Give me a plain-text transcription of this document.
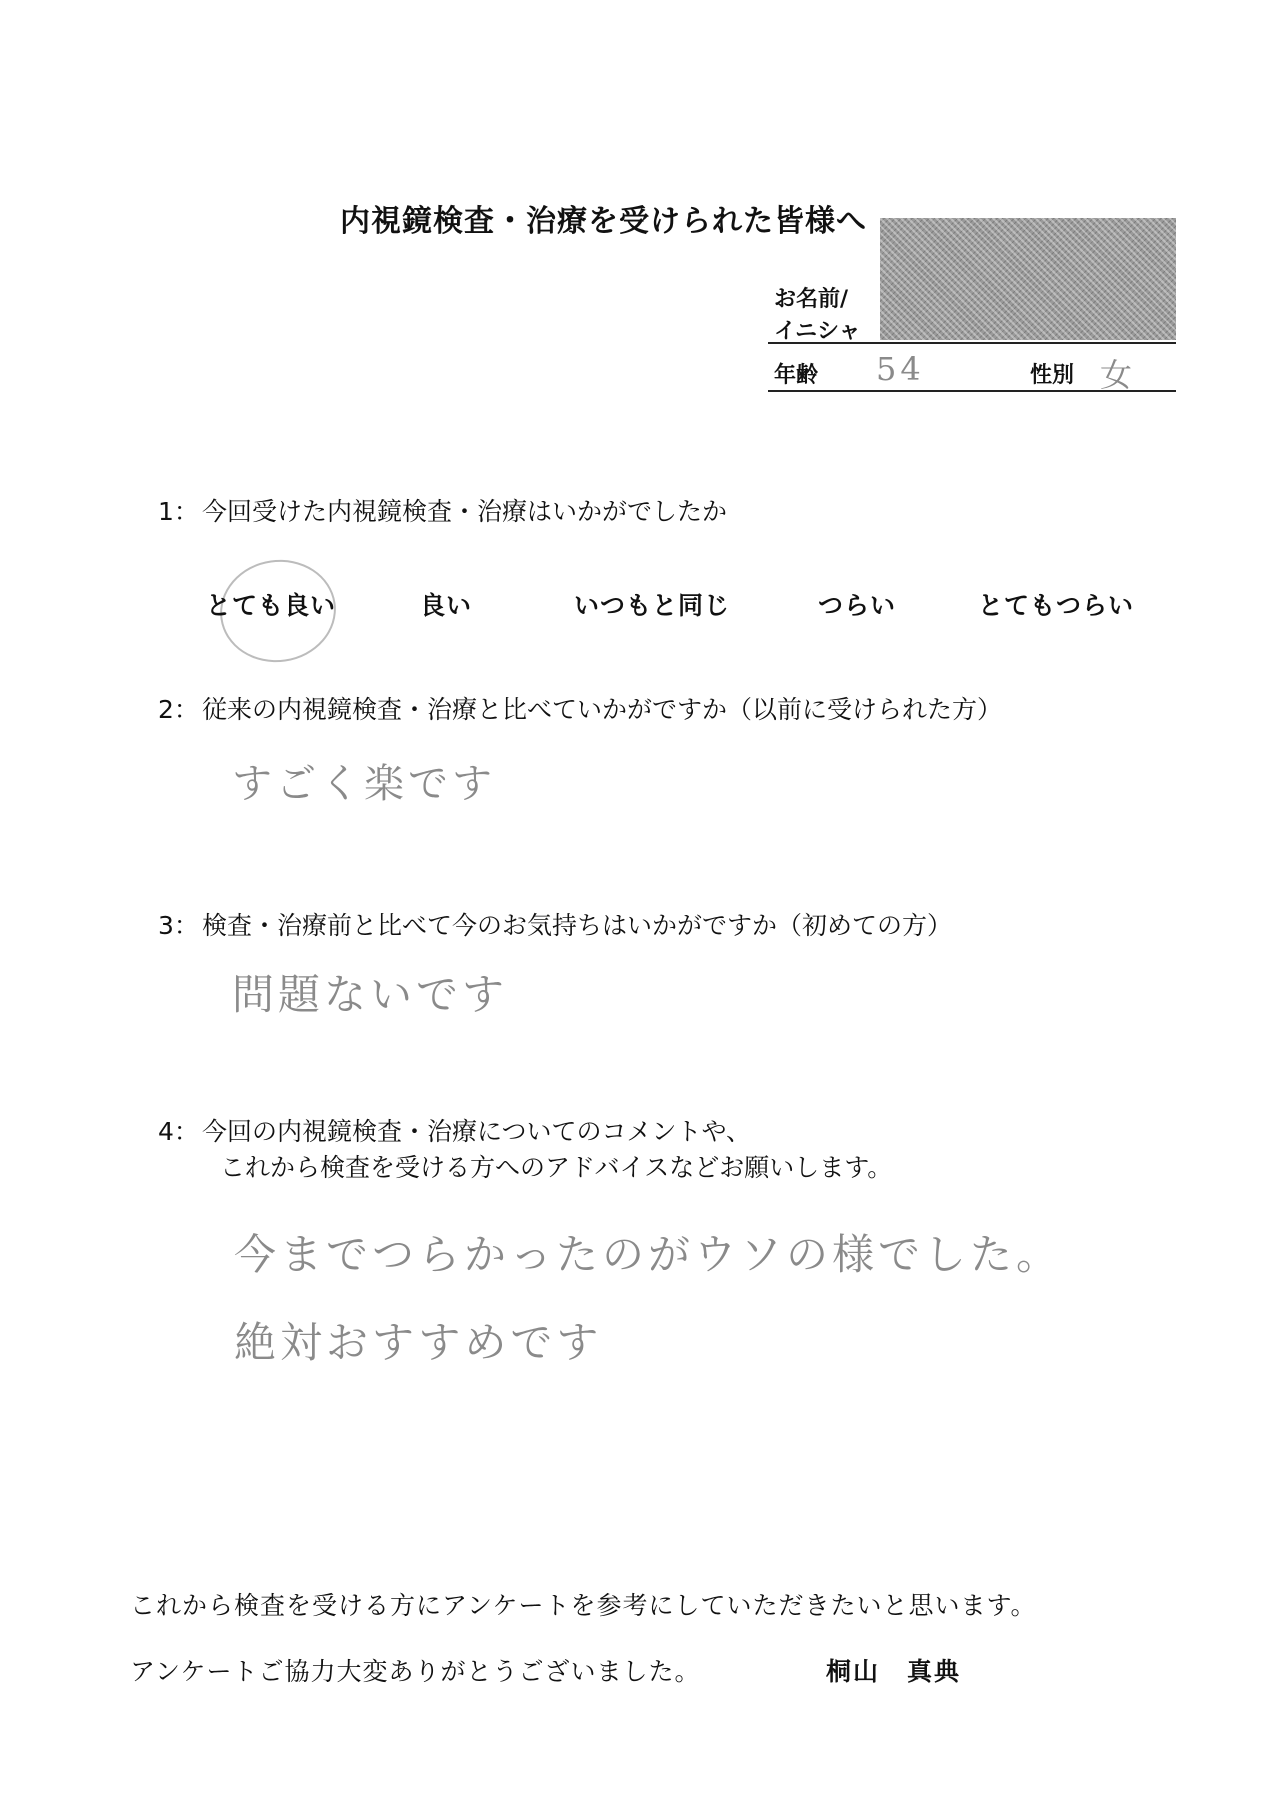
内視鏡検査・治療を受けられた皆様へ
お名前/
イニシャ
年齢 54	性別 女
1： 今回受けた内視鏡検査・治療はいかがでしたか
とても良い	良い	いつもと同じ	つらい	とてもつらい
2： 従来の内視鏡検査・治療と比べていかがですか（以前に受けられた方）
すごく楽です
3： 検査・治療前と比べて今のお気持ちはいかがですか（初めての方）
問題ないです
4： 今回の内視鏡検査・治療についてのコメントや、
これから検査を受ける方へのアドバイスなどお願いします。
今までつらかったのがウソの様でした。
絶対おすすめです
これから検査を受ける方にアンケートを参考にしていただきたいと思います。
アンケートご協力大変ありがとうございました。	桐山　真典
